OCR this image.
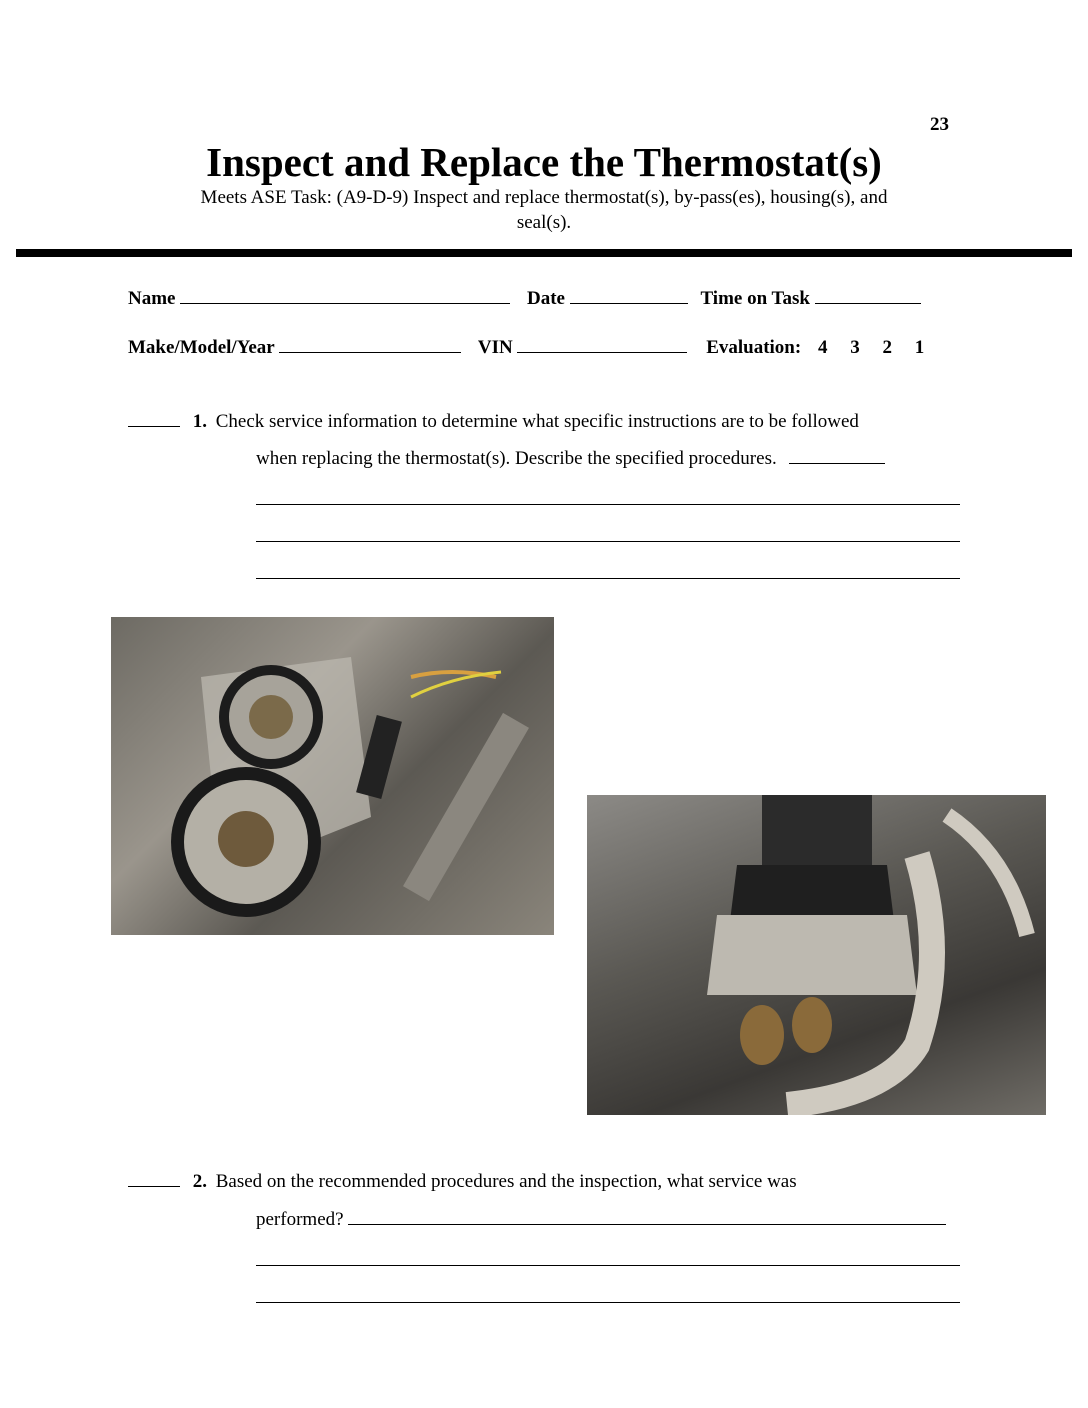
23
Inspect and Replace the Thermostat(s)
Meets ASE Task: (A9-D-9) Inspect and replace thermostat(s), by-pass(es), housing(s), and
seal(s).
Name	Date	Time on Task
Make/Model/Year	VIN	Evaluation: 4 3 2 1
1. Check service information to determine what specific instructions are to be followed
when replacing the thermostat(s). Describe the specified procedures.
2. Based on the recommended procedures and the inspection, what service was
performed?
